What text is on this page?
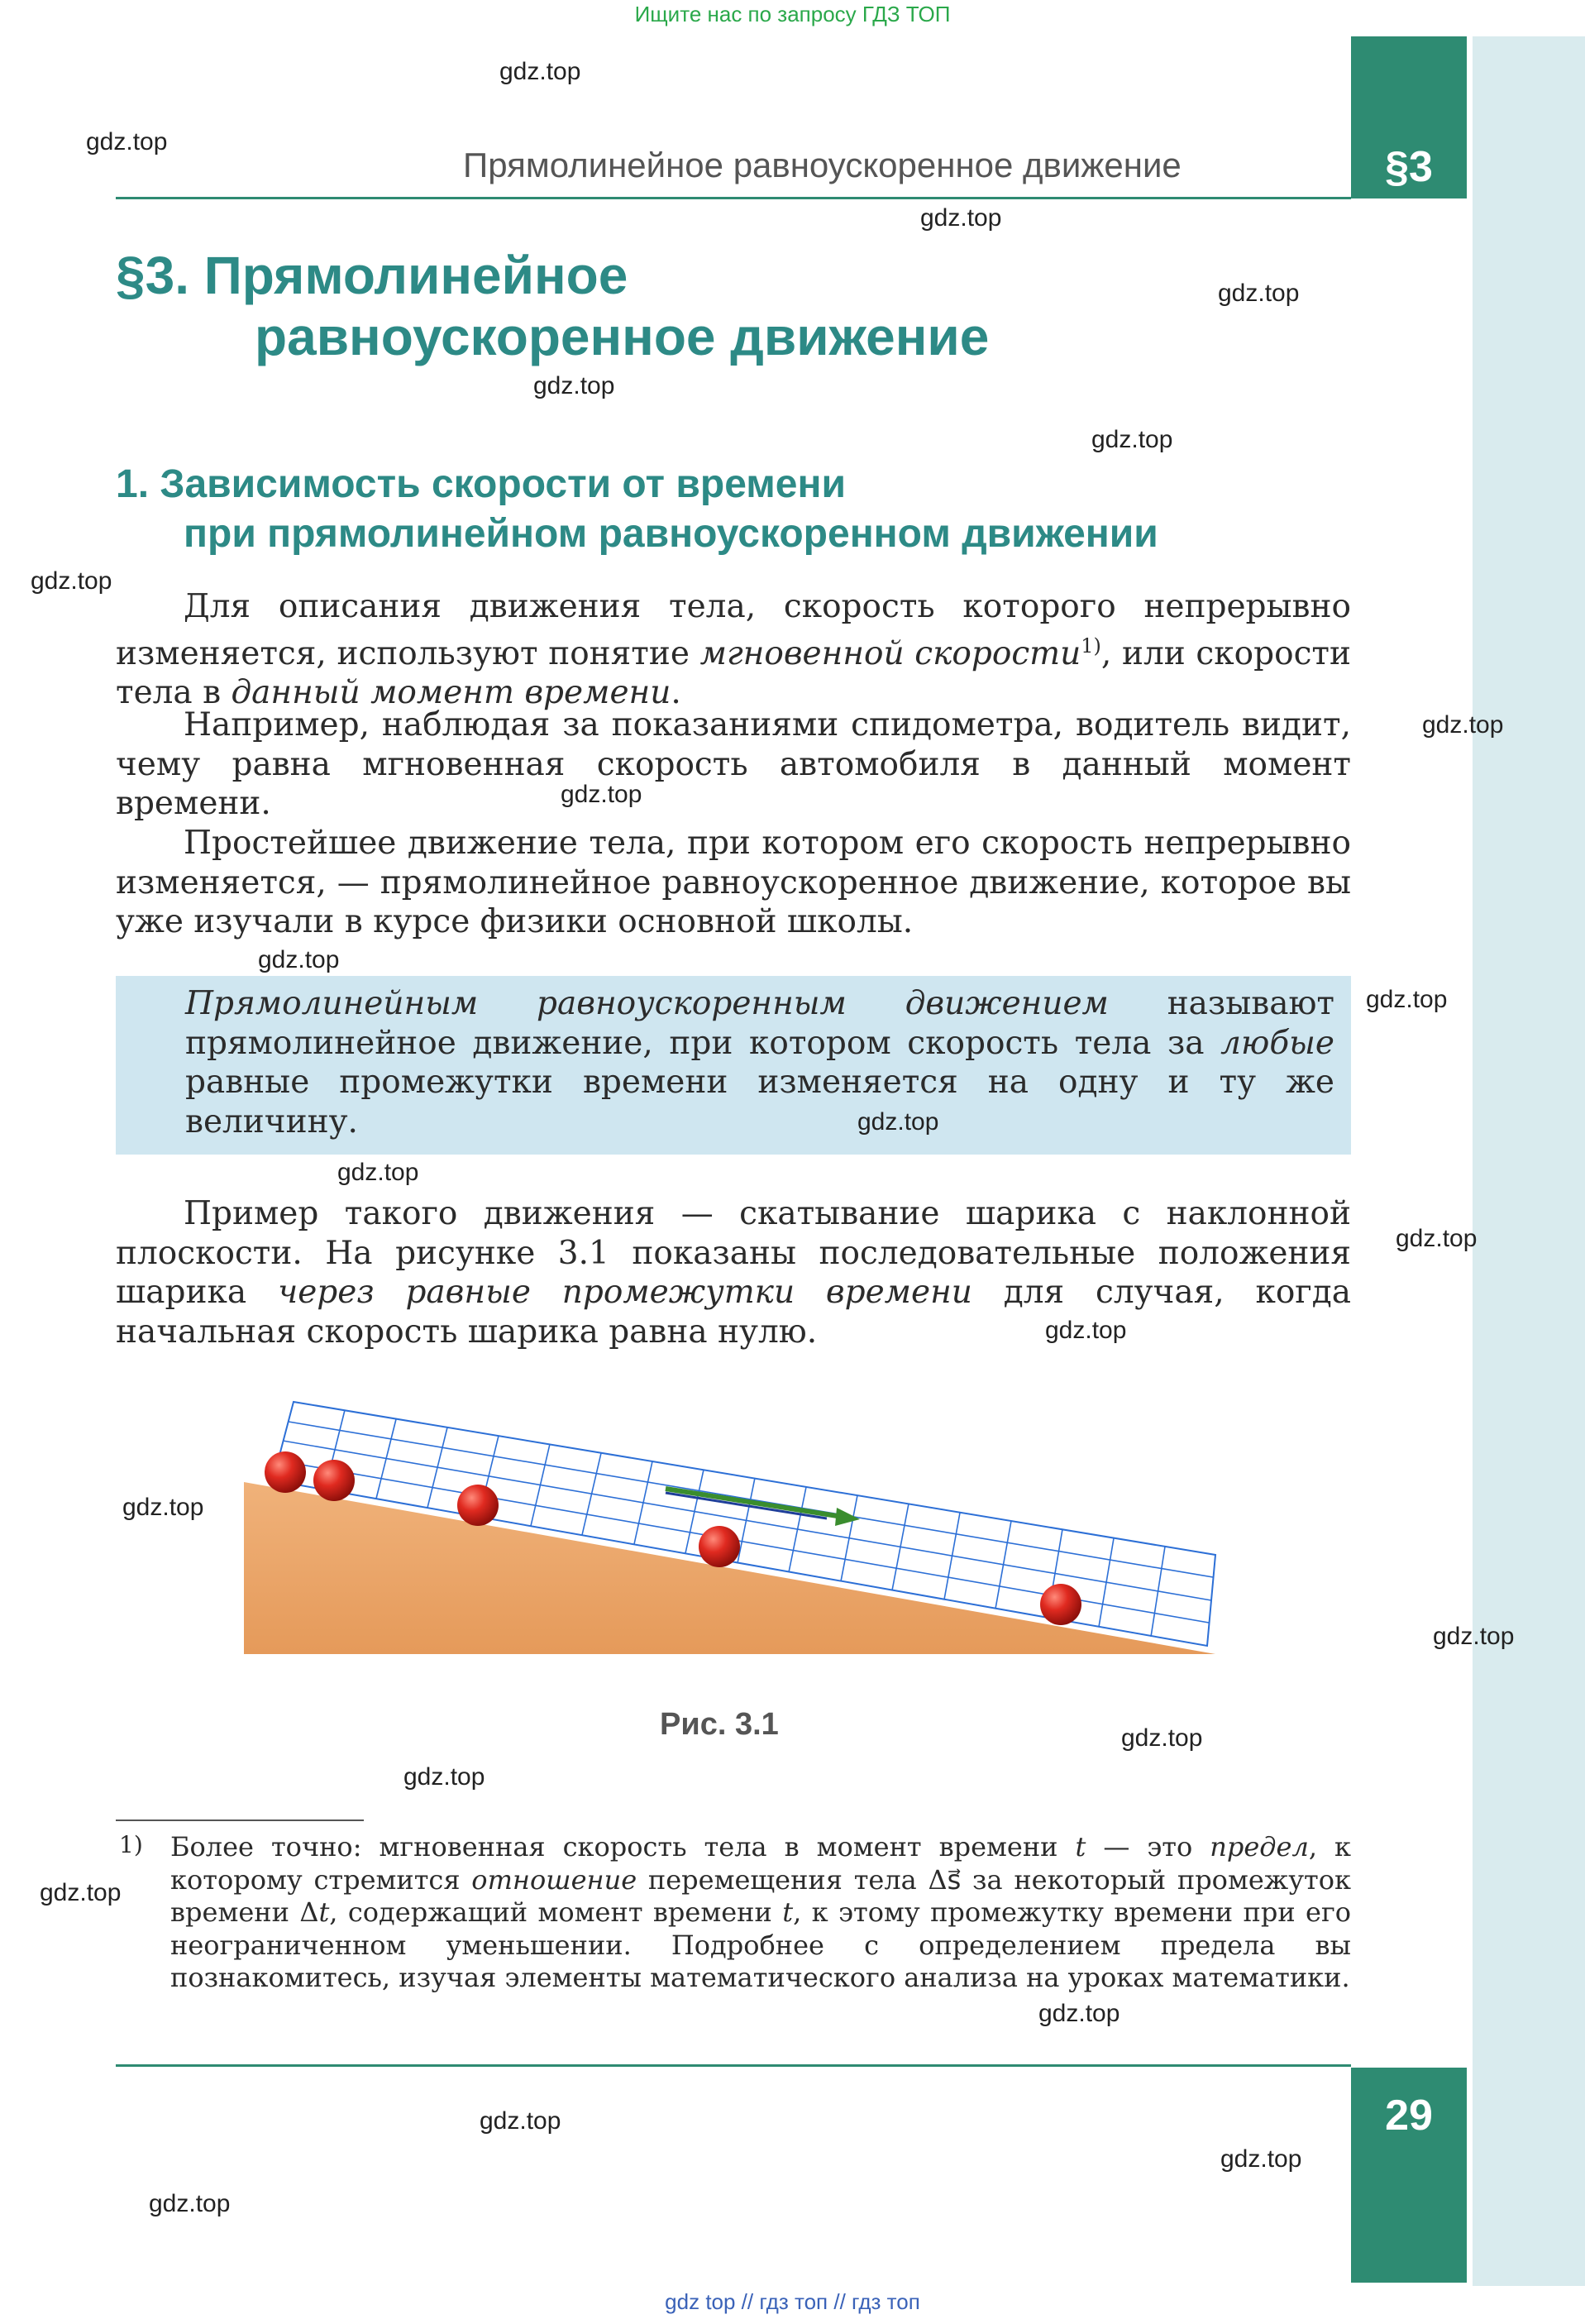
Ищите нас по запросу ГДЗ ТОП
§3
Прямолинейное равноускоренное движение
§3. Прямолинейное
равноускоренное движение
1. Зависимость скорости от времени
при прямолинейном равноускоренном движении
Для описания движения тела, скорость которого непрерывно изменяется, используют понятие мгновенной скорости$^{1)}$, или скорости тела в данный момент времени.
Например, наблюдая за показаниями спидометра, водитель видит, чему равна мгновенная скорость автомобиля в данный момент времени.
Простейшее движение тела, при котором его скорость непрерывно изменяется, — прямолинейное равноускоренное движение, которое вы уже изучали в курсе физики основной школы.
Прямолинейным равноускоренным движением называют прямолинейное движение, при котором скорость тела за любые равные промежутки времени изменяется на одну и ту же величину.
Пример такого движения — скатывание шарика с наклонной плоскости. На рисунке 3.1 показаны последовательные положения шарика через равные промежутки времени для случая, когда начальная скорость шарика равна нулю.
Рис. 3.1
1) Более точно: мгновенная скорость тела в момент времени t — это предел, к которому стремится отношение перемещения тела Δs⃗ за некоторый промежуток времени Δt, содержащий момент времени t, к этому промежутку времени при его неограниченном уменьшении. Подробнее с определением предела вы познакомитесь, изучая элементы математического анализа на уроках математики.
29
gdz.top
gdz.top
gdz.top
gdz.top
gdz.top
gdz.top
gdz.top
gdz.top
gdz.top
gdz.top
gdz.top
gdz.top
gdz.top
gdz.top
gdz.top
gdz.top
gdz.top
gdz.top
gdz.top
gdz.top
gdz.top
gdz.top
gdz.top
gdz.top
gdz top // гдз топ // гдз топ
